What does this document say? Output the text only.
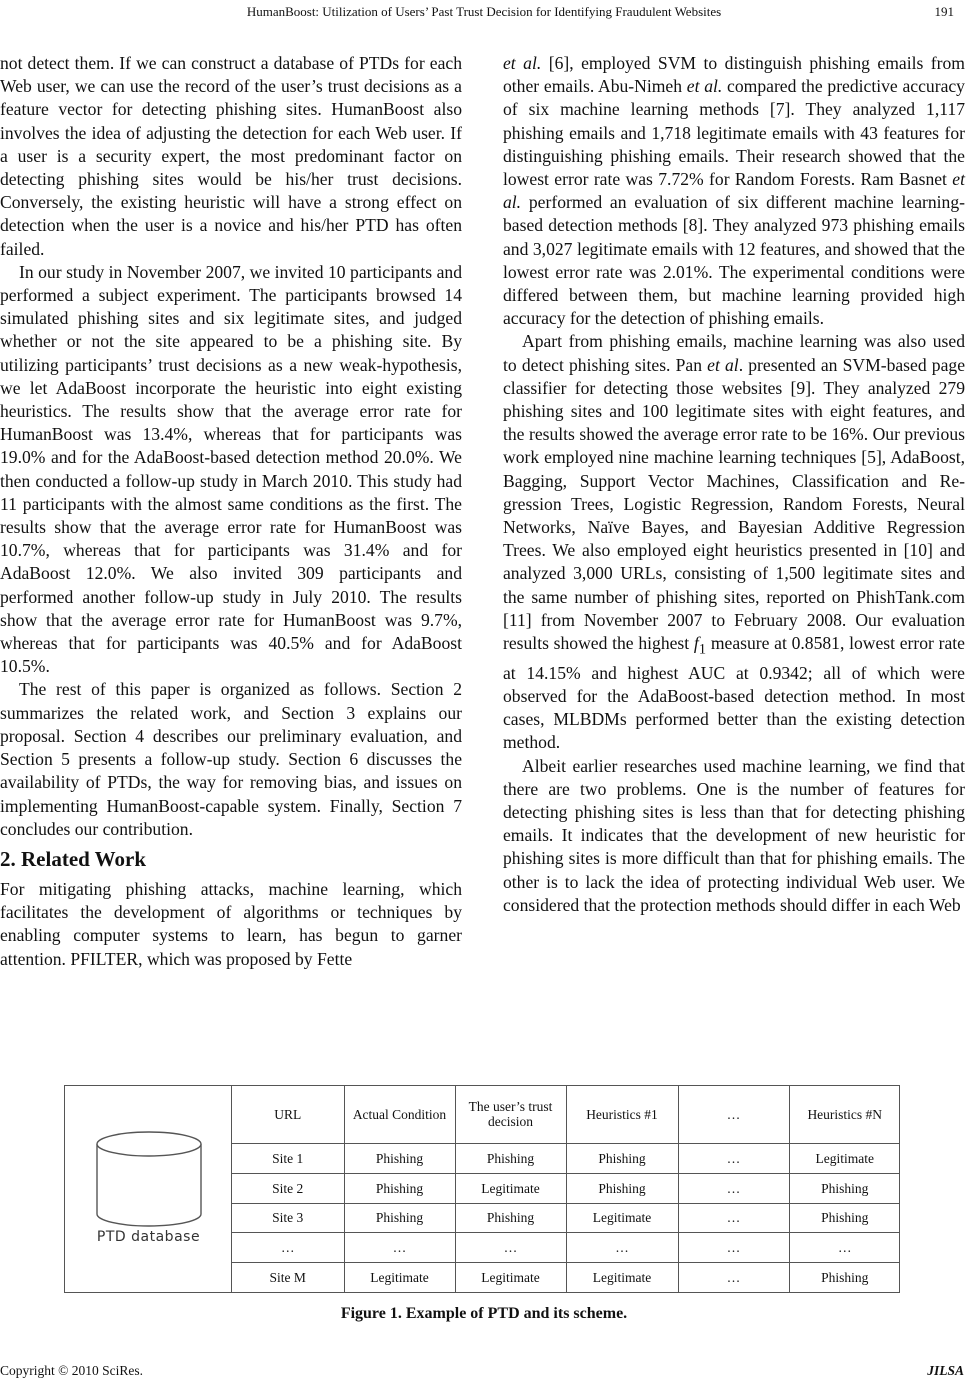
HumanBoost: Utilization of Users’ Past Trust Decision for Identifying Fraudulent Websites	191

not detect them. If we can construct a database of PTDs for each Web user, we can use the record of the user’s trust decisions as a feature vector for detecting phishing sites. HumanBoost also involves the idea of adjusting the detection for each Web user. If a user is a security expert, the most predominant factor on detecting phishing sites would be his/her trust decisions. Conversely, the existing heuristic will have a strong effect on detection when the user is a novice and his/her PTD has often failed.

In our study in November 2007, we invited 10 participants and performed a subject experiment. The participants browsed 14 simulated phishing sites and six legitimate sites, and judged whether or not the site appeared to be a phishing site. By utilizing participants’ trust decisions as a new weak-hypothesis, we let AdaBoost incorporate the heuristic into eight existing heuristics. The results show that the average error rate for HumanBoost was 13.4%, whereas that for participants was 19.0% and for the AdaBoost-based detection method 20.0%. We then conducted a follow-up study in March 2010. This study had 11 participants with the almost same conditions as the first. The results show that the average error rate for HumanBoost was 10.7%, whereas that for participants was 31.4% and for AdaBoost 12.0%. We also invited 309 participants and performed another follow-up study in July 2010. The results show that the average error rate for HumanBoost was 9.7%, whereas that for participants was 40.5% and for AdaBoost 10.5%.

The rest of this paper is organized as follows. Section 2 summarizes the related work, and Section 3 explains our proposal. Section 4 describes our preliminary evaluation, and Section 5 presents a follow-up study. Section 6 discusses the availability of PTDs, the way for removing bias, and issues on implementing HumanBoost-capable system. Finally, Section 7 concludes our contribution.

2. Related Work

For mitigating phishing attacks, machine learning, which facilitates the development of algorithms or techniques by enabling computer systems to learn, has begun to garner attention. PFILTER, which was proposed by Fette

et al. [6], employed SVM to distinguish phishing emails from other emails. Abu-Nimeh et al. compared the predictive accuracy of six machine learning methods [7]. They analyzed 1,117 phishing emails and 1,718 legitimate emails with 43 features for distinguishing phishing emails. Their research showed that the lowest error rate was 7.72% for Random Forests. Ram Basnet et al. performed an evaluation of six different machine learning-based detection methods [8]. They analyzed 973 phishing emails and 3,027 legitimate emails with 12 features, and showed that the lowest error rate was 2.01%. The experimental conditions were differed between them, but machine learning provided high accuracy for the detection of phishing emails.

Apart from phishing emails, machine learning was also used to detect phishing sites. Pan et al. presented an SVM-based page classifier for detecting those websites [9]. They analyzed 279 phishing sites and 100 legitimate sites with eight features, and the results showed the average error rate to be 16%. Our previous work employed nine machine learning techniques [5], AdaBoost, Bagging, Support Vector Machines, Classification and Regression Trees, Logistic Regression, Random Forests, Neural Networks, Naïve Bayes, and Bayesian Additive Regression Trees. We also employed eight heuristics presented in [10] and analyzed 3,000 URLs, consisting of 1,500 legitimate sites and the same number of phishing sites, reported on PhishTank.com [11] from November 2007 to February 2008. Our evaluation results showed the highest $f_1$ measure at 0.8581, lowest error rate at 14.15% and highest AUC at 0.9342; all of which were observed for the AdaBoost-based detection method. In most cases, MLBDMs performed better than the existing detection method.

Albeit earlier researches used machine learning, we find that there are two problems. One is the number of features for detecting phishing sites is less than that for detecting phishing emails. It indicates that the development of new heuristic for phishing sites is more difficult than that for phishing emails. The other is to lack the idea of protecting individual Web user. We considered that the protection methods should differ in each Web

PTD database
URL	Actual Condition	The user’s trust decision	Heuristics #1	…	Heuristics #N
Site 1	Phishing	Phishing	Phishing	…	Legitimate
Site 2	Phishing	Legitimate	Phishing	…	Phishing
Site 3	Phishing	Phishing	Legitimate	…	Phishing
…	…	…	…	…	…
Site M	Legitimate	Legitimate	Legitimate	…	Phishing
Figure 1. Example of PTD and its scheme.
Copyright © 2010 SciRes.	JILSA
